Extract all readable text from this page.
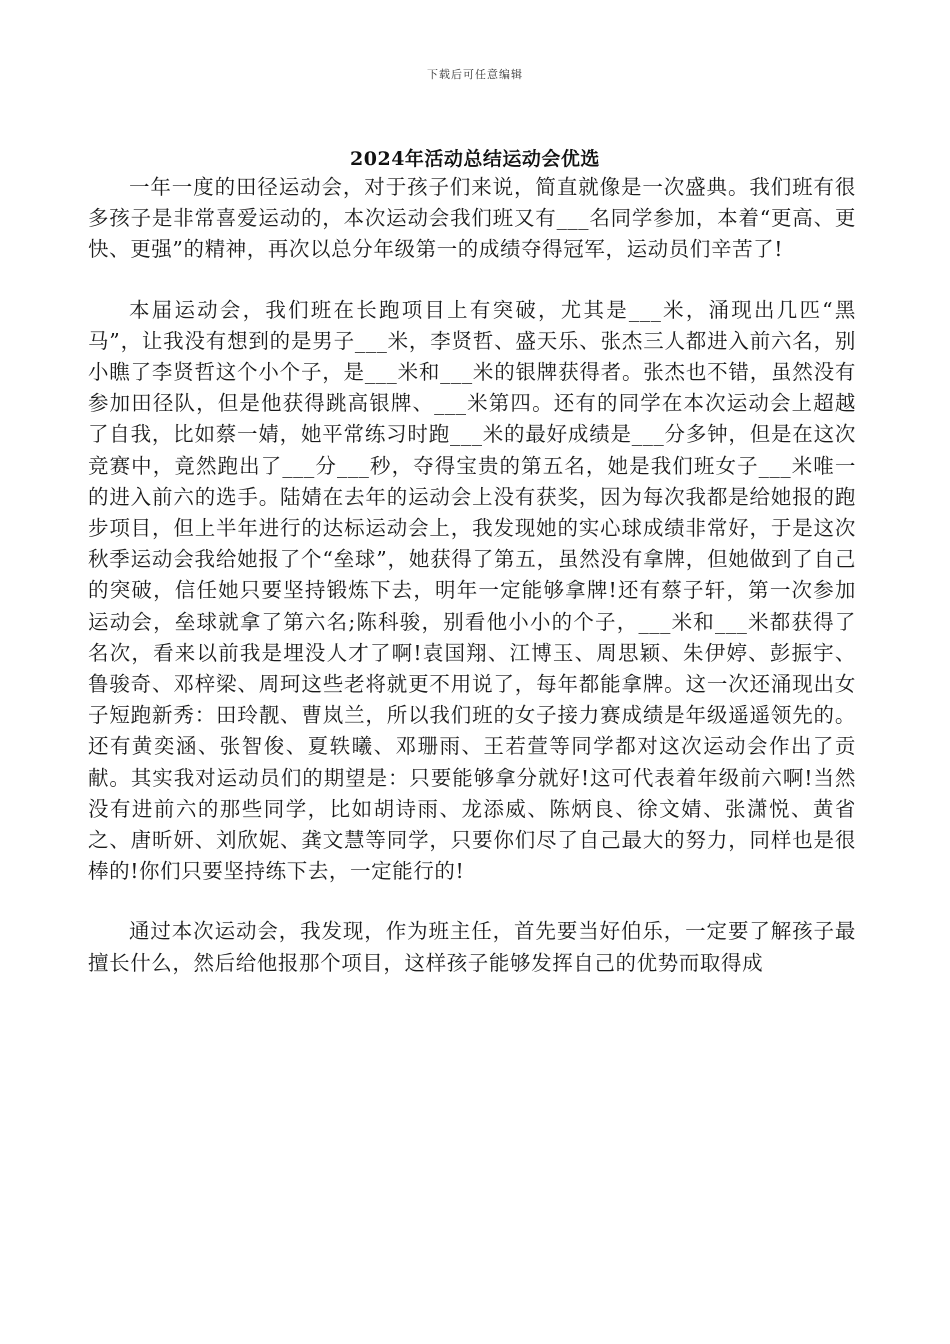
下载后可任意编辑
2024年活动总结运动会优选

一年一度的田径运动会，对于孩子们来说，简直就像是一次盛典。我们班有很多孩子是非常喜爱运动的，本次运动会我们班又有___名同学参加，本着“更高、更快、更强”的精神，再次以总分年级第一的成绩夺得冠军，运动员们辛苦了!

本届运动会，我们班在长跑项目上有突破，尤其是___米，涌现出几匹“黑马”，让我没有想到的是男子___米，李贤哲、盛天乐、张杰三人都进入前六名，别小瞧了李贤哲这个小个子，是___米和___米的银牌获得者。张杰也不错，虽然没有参加田径队，但是他获得跳高银牌、___米第四。还有的同学在本次运动会上超越了自我，比如蔡一婧，她平常练习时跑___米的最好成绩是___分多钟，但是在这次竞赛中，竟然跑出了___分___秒，夺得宝贵的第五名，她是我们班女子___米唯一的进入前六的选手。陆婧在去年的运动会上没有获奖，因为每次我都是给她报的跑步项目，但上半年进行的达标运动会上，我发现她的实心球成绩非常好，于是这次秋季运动会我给她报了个“垒球”，她获得了第五，虽然没有拿牌，但她做到了自己的突破，信任她只要坚持锻炼下去，明年一定能够拿牌!还有蔡子轩，第一次参加运动会，垒球就拿了第六名;陈科骏，别看他小小的个子，___米和___米都获得了名次，看来以前我是埋没人才了啊!袁国翔、江博玉、周思颖、朱伊婷、彭振宇、鲁骏奇、邓梓梁、周珂这些老将就更不用说了，每年都能拿牌。这一次还涌现出女子短跑新秀：田玲靓、曹岚兰，所以我们班的女子接力赛成绩是年级遥遥领先的。还有黄奕涵、张智俊、夏轶曦、邓珊雨、王若萱等同学都对这次运动会作出了贡献。其实我对运动员们的期望是：只要能够拿分就好!这可代表着年级前六啊!当然没有进前六的那些同学，比如胡诗雨、龙添威、陈炳良、徐文婧、张潇悦、黄省之、唐昕妍、刘欣妮、龚文慧等同学，只要你们尽了自己最大的努力，同样也是很棒的!你们只要坚持练下去，一定能行的!

通过本次运动会，我发现，作为班主任，首先要当好伯乐，一定要了解孩子最擅长什么，然后给他报那个项目，这样孩子能够发挥自己的优势而取得成
